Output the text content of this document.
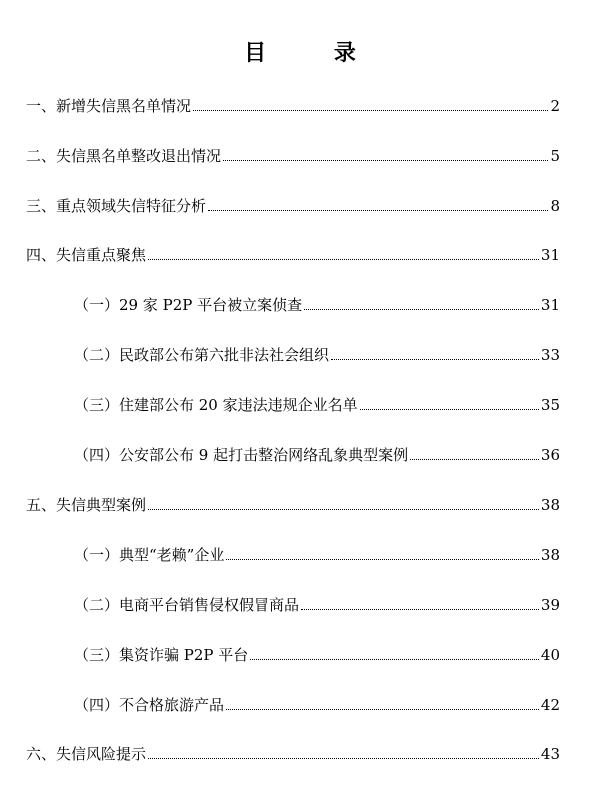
目 录
一、新增失信黑名单情况	2
二、失信黑名单整改退出情况	5
三、重点领域失信特征分析	8
四、失信重点聚焦	31
（一）29 家 P2P 平台被立案侦查	31
（二）民政部公布第六批非法社会组织	33
（三）住建部公布 20 家违法违规企业名单	35
（四）公安部公布 9 起打击整治网络乱象典型案例	36
五、失信典型案例	38
（一）典型“老赖”企业	38
（二）电商平台销售侵权假冒商品	39
（三）集资诈骗 P2P 平台	40
（四）不合格旅游产品	42
六、失信风险提示	43
